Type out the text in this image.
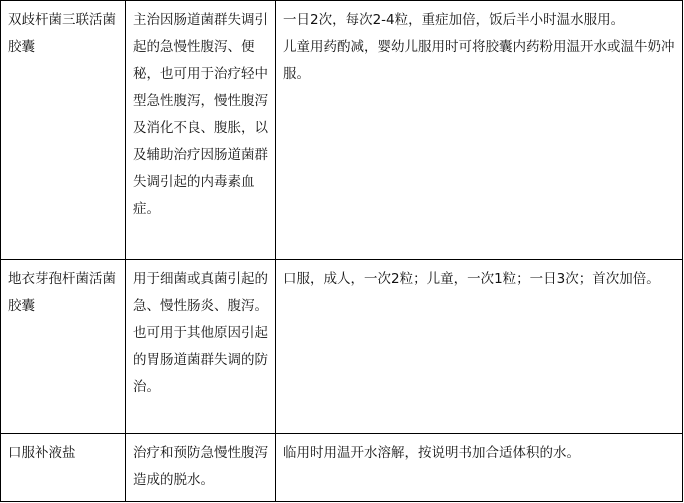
双歧杆菌三联活菌胶囊	主治因肠道菌群失调引起的急慢性腹泻、便秘，也可用于治疗轻中型急性腹泻，慢性腹泻及消化不良、腹胀，以及辅助治疗因肠道菌群失调引起的内毒素血症。	一日2次，每次2-4粒，重症加倍，饭后半小时温水服用。
儿童用药酌减，婴幼儿服用时可将胶囊内药粉用温开水或温牛奶冲服。

地衣芽孢杆菌活菌胶囊	用于细菌或真菌引起的急、慢性肠炎、腹泻。也可用于其他原因引起的胃肠道菌群失调的防治。	口服，成人，一次2粒；儿童，一次1粒；一日3次；首次加倍。
口服补液盐	治疗和预防急慢性腹泻造成的脱水。	临用时用温开水溶解，按说明书加合适体积的水。
